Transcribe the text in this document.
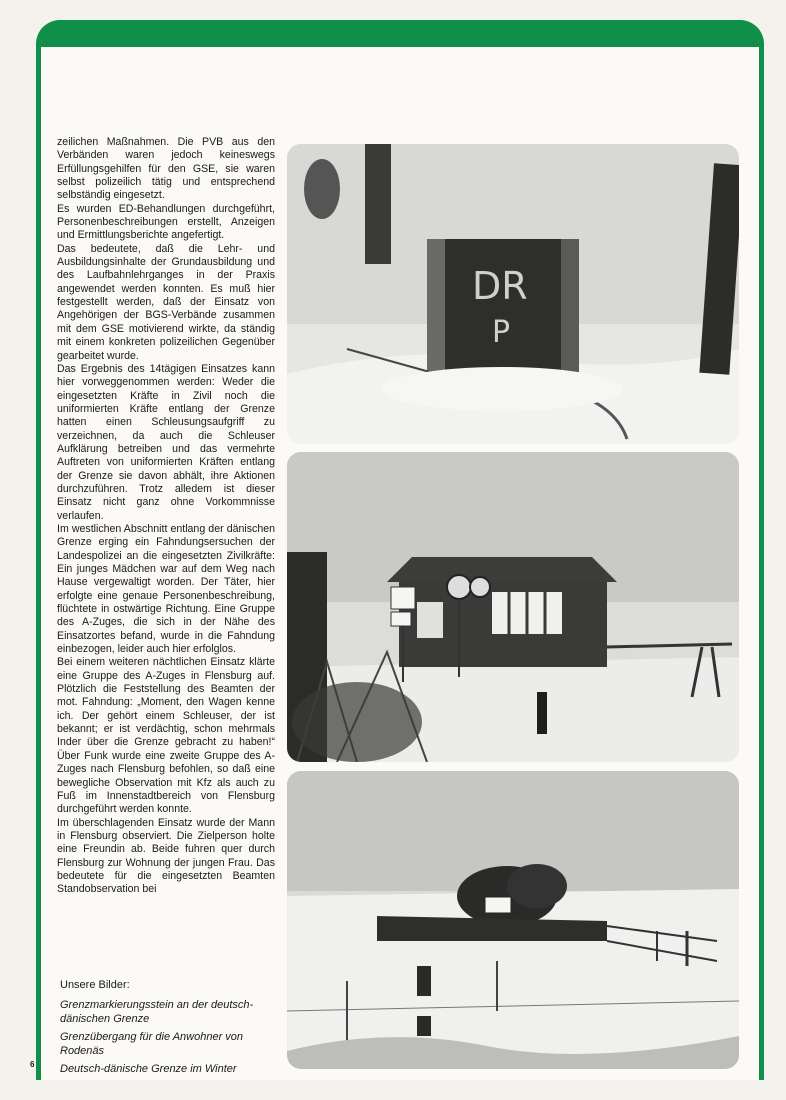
zeilichen Maßnahmen. Die PVB aus den Verbänden waren jedoch keineswegs Erfüllungsgehilfen für den GSE, sie waren selbst polizeilich tätig und entsprechend selbständig eingesetzt.

Es wurden ED-Behandlungen durchgeführt, Personenbeschreibungen erstellt, Anzeigen und Ermittlungsberichte angefertigt.

Das bedeutete, daß die Lehr- und Ausbildungsinhalte der Grundausbildung und des Laufbahnlehrganges in der Praxis angewendet werden konnten. Es muß hier festgestellt werden, daß der Einsatz von Angehörigen der BGS-Verbände zusammen mit dem GSE motivierend wirkte, da ständig mit einem konkreten polizeilichen Gegenüber gearbeitet wurde.

Das Ergebnis des 14tägigen Einsatzes kann hier vorweggenommen werden: Weder die eingesetzten Kräfte in Zivil noch die uniformierten Kräfte entlang der Grenze hatten einen Schleusungsaufgriff zu verzeichnen, da auch die Schleuser Aufklärung betreiben und das vermehrte Auftreten von uniformierten Kräften entlang der Grenze sie davon abhält, ihre Aktionen durchzuführen. Trotz alledem ist dieser Einsatz nicht ganz ohne Vorkommnisse verlaufen.

Im westlichen Abschnitt entlang der dänischen Grenze erging ein Fahndungsersuchen der Landespolizei an die eingesetzten Zivilkräfte: Ein junges Mädchen war auf dem Weg nach Hause vergewaltigt worden. Der Täter, hier erfolgte eine genaue Personenbeschreibung, flüchtete in ostwärtige Richtung. Eine Gruppe des A-Zuges, die sich in der Nähe des Einsatzortes befand, wurde in die Fahndung einbezogen, leider auch hier erfolglos.

Bei einem weiteren nächtlichen Einsatz klärte eine Gruppe des A-Zuges in Flensburg auf. Plötzlich die Feststellung des Beamten der mot. Fahndung: „Moment, den Wagen kenne ich. Der gehört einem Schleuser, der ist bekannt; er ist verdächtig, schon mehrmals Inder über die Grenze gebracht zu haben!“ Über Funk wurde eine zweite Gruppe des A-Zuges nach Flensburg befohlen, so daß eine bewegliche Observation mit Kfz als auch zu Fuß im Innenstadtbereich von Flensburg durchgeführt werden konnte.

Im überschlagenden Einsatz wurde der Mann in Flensburg observiert. Die Zielperson holte eine Freundin ab. Beide fuhren quer durch Flensburg zur Wohnung der jungen Frau. Das bedeutete für die eingesetzten Beamten Standobservation bei

Unsere Bilder:

Grenzmarkierungsstein an der deutsch-dänischen Grenze

Grenzübergang für die Anwohner von Rodenäs

Deutsch-dänische Grenze im Winter

6
DR
P
